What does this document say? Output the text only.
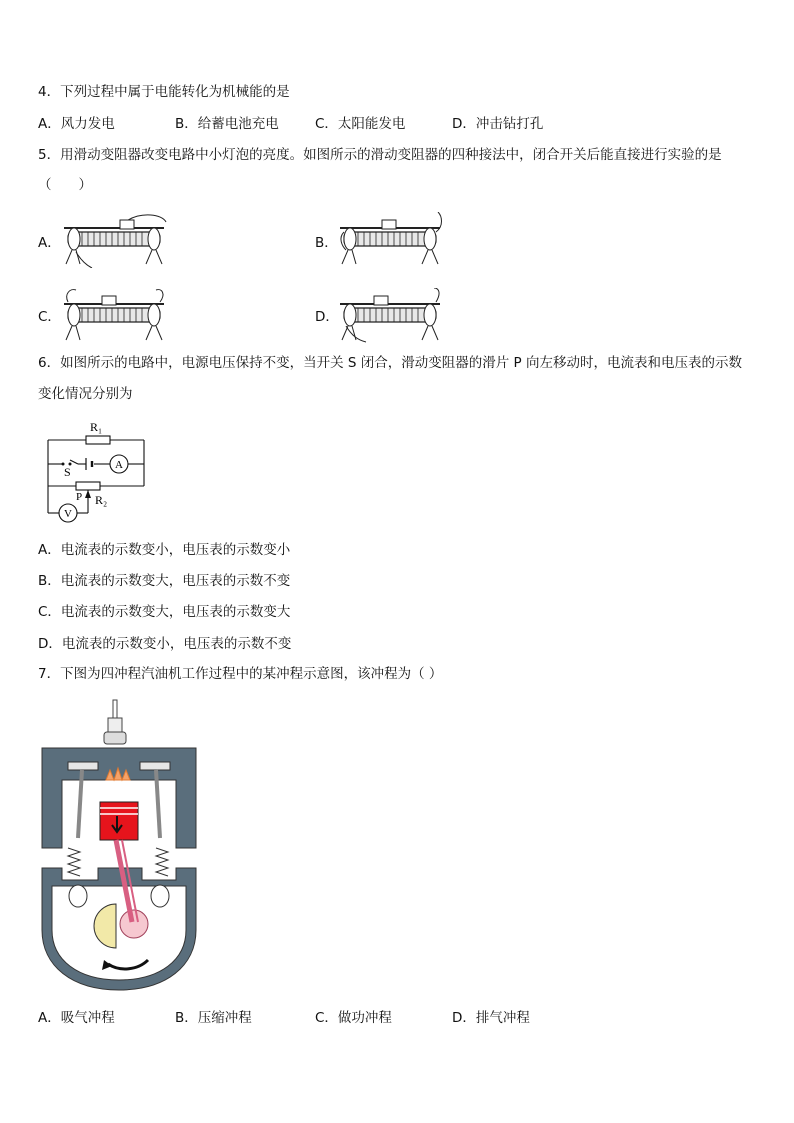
4．下列过程中属于电能转化为机械能的是
A．风力发电	B．给蓄电池充电	C．太阳能发电	D．冲击钻打孔
5．用滑动变阻器改变电路中小灯泡的亮度。如图所示的滑动变阻器的四种接法中，闭合开关后能直接进行实验的是
（　　）
A．	B．
C．	D．
6．如图所示的电路中，电源电压保持不变，当开关 S 闭合，滑动变阻器的滑片 P 向左移动时，电流表和电压表的示数
变化情况分别为
R₁
S	A
P R₂
V
A．电流表的示数变小，电压表的示数变小
B．电流表的示数变大，电压表的示数不变
C．电流表的示数变大，电压表的示数变大
D．电流表的示数变小，电压表的示数不变
7．下图为四冲程汽油机工作过程中的某冲程示意图，该冲程为（ ）
A．吸气冲程	B．压缩冲程	C．做功冲程	D．排气冲程
